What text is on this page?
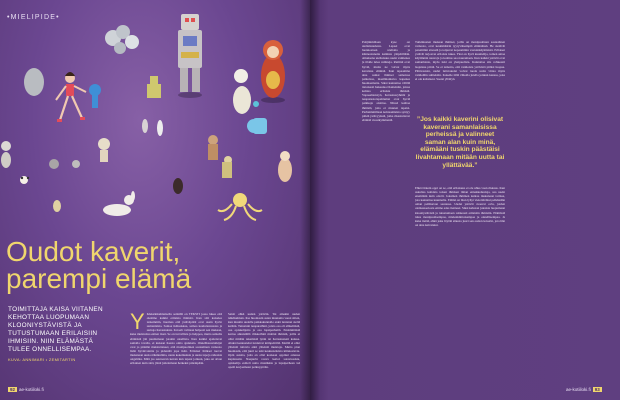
•MIELIPIDE•
Oudot kaverit,
parempi elämä
TOIMITTAJA KAISA VIITANEN KEHOTTAA LUOPUMAAN KLOONIYSTÄVISTÄ JA TUTUSTUMAAN ERILAISIIN IHMISIIN. NIIN ELÄMÄSTÄ TULEE ONNELLISEMPAA.
KUVA: ANNIMARI • ZEMITARTIN
Yhdeksänkulmaisella seinällä on TEKSTI jossa lukee että olemme kaikki erilaisia ihmisiä. Kun sitä katselee tarkemmin, huomaa että ystäväpiirit ovat usein hyvin samanlaisia. Samaa ikäluokkaa, samaa koulutustaustaa ja samoja harrastuksia. Kaverit valitaan helposti sen mukaan, kuka muistuttaa eniten itseä. Se on turvallista ja helppoa, mutta samalla elämästä jää puuttumaan jotakin oleellista. Kun kaikki ajattelevat samalla tavalla, ei kukaan haasta omia ajatuksia. Onnellisuustutkijat ovat jo pitkään muistuttaneet, että monipuolinen sosiaalinen verkosto lisää hyvinvointia ja pidentää jopa ikää. Erilaiset ihmiset tuovat mukanaan uusia näkökulmia, uusia kokemuksia ja uusia tapoja ratkaista ongelmia. Mitä jos seuraavan kerran kun tapaat jonkun, joka on aivan erilainen kuin sinä, jäisit juttelemaan hetkeksi pidempään.
Saisit ehkä uuden ystävän. Tai ainakin uuden näkökulman. Itse huomasin asian muutama vuosi sitten, kun muutin uudelle paikkakunnalle enkä tuntenut sieltä ketään. Tutustuin naapureihini, joista osa oli eläkeläisiä, osa opiskelijoita ja osa lapsiperheitä. Ensimmäistä kertaa aikuisiällä viikkoihini mahtui ihmisiä, joilla ei ollut mitään tekemistä työni tai harrastusteni kanssa. Aluksi keskustelut tuntuivat kömpelöiltä. Meillä ei ollut yhteisiä tuttavia eikä yhteisiä muistoja. Mutta pian huomasin, että juuri se teki keskusteluista kiinnostavia. Opin asioita, joita en olisi koskaan oppinut omassa kuplassani. Naapurin rouva kertoi sotavuosista, opiskelija esitteli uutta musiikkia ja lapsiperheen isä opetti korjaamaan polkupyörän.
92 ae-kotiiloki.fi	ae-kotiiloki.fi 93
Pohjimmiltaan kyse on uteliaisuudesta. Lapset ovat luonnostaan uteliaita ja kiinnostuneita kaikista ympärillään. Aikuisena uteliaisuus usein vaimenee ja tilalle tulee rutiineja. Rutiinit ovat hyviä, mutta ne voivat myös kaventaa elämää. Kun tapaamme aina samat ihmiset samoissa paikoissa, maailmankuva kapenee huomaamatta. Siksi kannattaa välillä tietoisesti hakeutua tilanteisiin, joissa kohtaa erilaisia ihmisiä. Vapaaehtoistyö, harrastusryhmät ja naapurustotapahtumat ovat hyviä paikkoja aloittaa. Niissä kohtaa ihmisiä, joita ei muuten tapaisi. Parhaimmillaan kohtaamisista syntyy pitkiä ystävyyksiä, jotka rikastuttavat elämää vuosikymmeniä.
Tutkimusten mukaan ihmiset, joilla on monipuolinen sosiaalinen verkosto, ovat keskimäärin tyytyväisempiä elämäänsä. He sietävät paremmin stressiä ja toipuvat nopeammin vastoinkäymisistä. Erilaiset ystävät tarjoavat erilaista tukea. Yksi on hyvä kuuntelija, toinen antaa käytännön neuvoja ja kolmas saa nauramaan. Kun kaikki ystävät ovat samanlaisia, myös tuki on yksipuolista. Kannattaa siis rohkeasti laajentaa piiriä. Se ei tarkoita, että vanhoista ystävistä pitäisi luopua. Päinvastoin, uudet tuttavuudet voivat tuoda uutta virtaa myös vanhoihin suhteisiin. Kokeile tällä viikolla jutella jonkun kanssa, joka ei ole kaltaisesi. Saatat yllättyä.
Ehkä tärkein oppi on se, että erilaisuus ei ole uhka vaan rikkaus. Kun uskaltaa kohdata toisen ihmisen ilman ennakkoluuloja, saa usein enemmän kuin odotti. Jokainen ihminen kantaa mukanaan tarinaa, jota kannattaa kuunnella. Elämä on liian lyhyt vietettäväksi pelkästään oman peilikuvan seurassa. Uudet ystävät avaavat ovia, joiden olemassaolosta emme edes tienneet. Siksi kehotan jokaista luopumaan klooniystävistä ja tutustumaan rohkeasti erilaisiin ihmisiin. Elämästä tulee monipuolisempaa, mielenkiintoisempaa ja onnellisempaa. Ja kuka tietää, ehkä joku löytää sinusta juuri sen oudon kaverin, jota hän on aina kaivannut.
”Jos kaikki kaverini olisivat kaverani samanlaisissa perheissä ja valinneet saman alan kuin minä, elämääni tuskin päästäisi livahtamaan mitään uutta tai yllättävää.”
